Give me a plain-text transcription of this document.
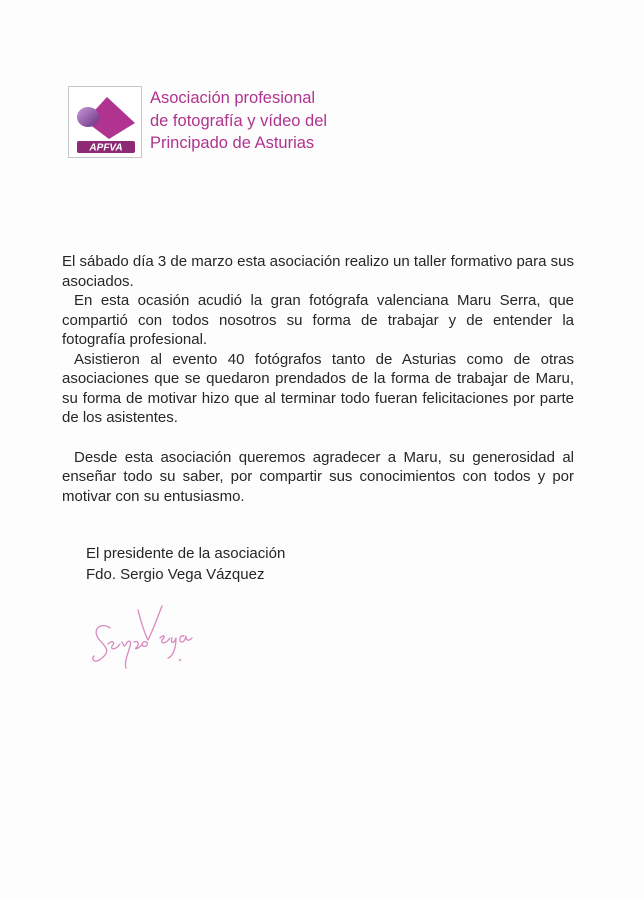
APFVA
Asociación profesional
de fotografía y vídeo del
Principado de Asturias

El sábado día 3 de marzo esta asociación realizo un taller formativo para sus asociados.

En esta ocasión acudió la gran fotógrafa valenciana Maru Serra, que compartió con todos nosotros su forma de trabajar y de entender la fotografía profesional.

Asistieron al evento 40 fotógrafos tanto de Asturias como de otras asociaciones que se quedaron prendados de la forma de trabajar de Maru, su forma de motivar hizo que al terminar todo fueran felicitaciones por parte de los asistentes.

Desde esta asociación queremos agradecer a Maru, su generosidad al enseñar todo su saber, por compartir sus conocimientos con todos y por motivar con su entusiasmo.

El presidente de la asociación
Fdo. Sergio Vega Vázquez
